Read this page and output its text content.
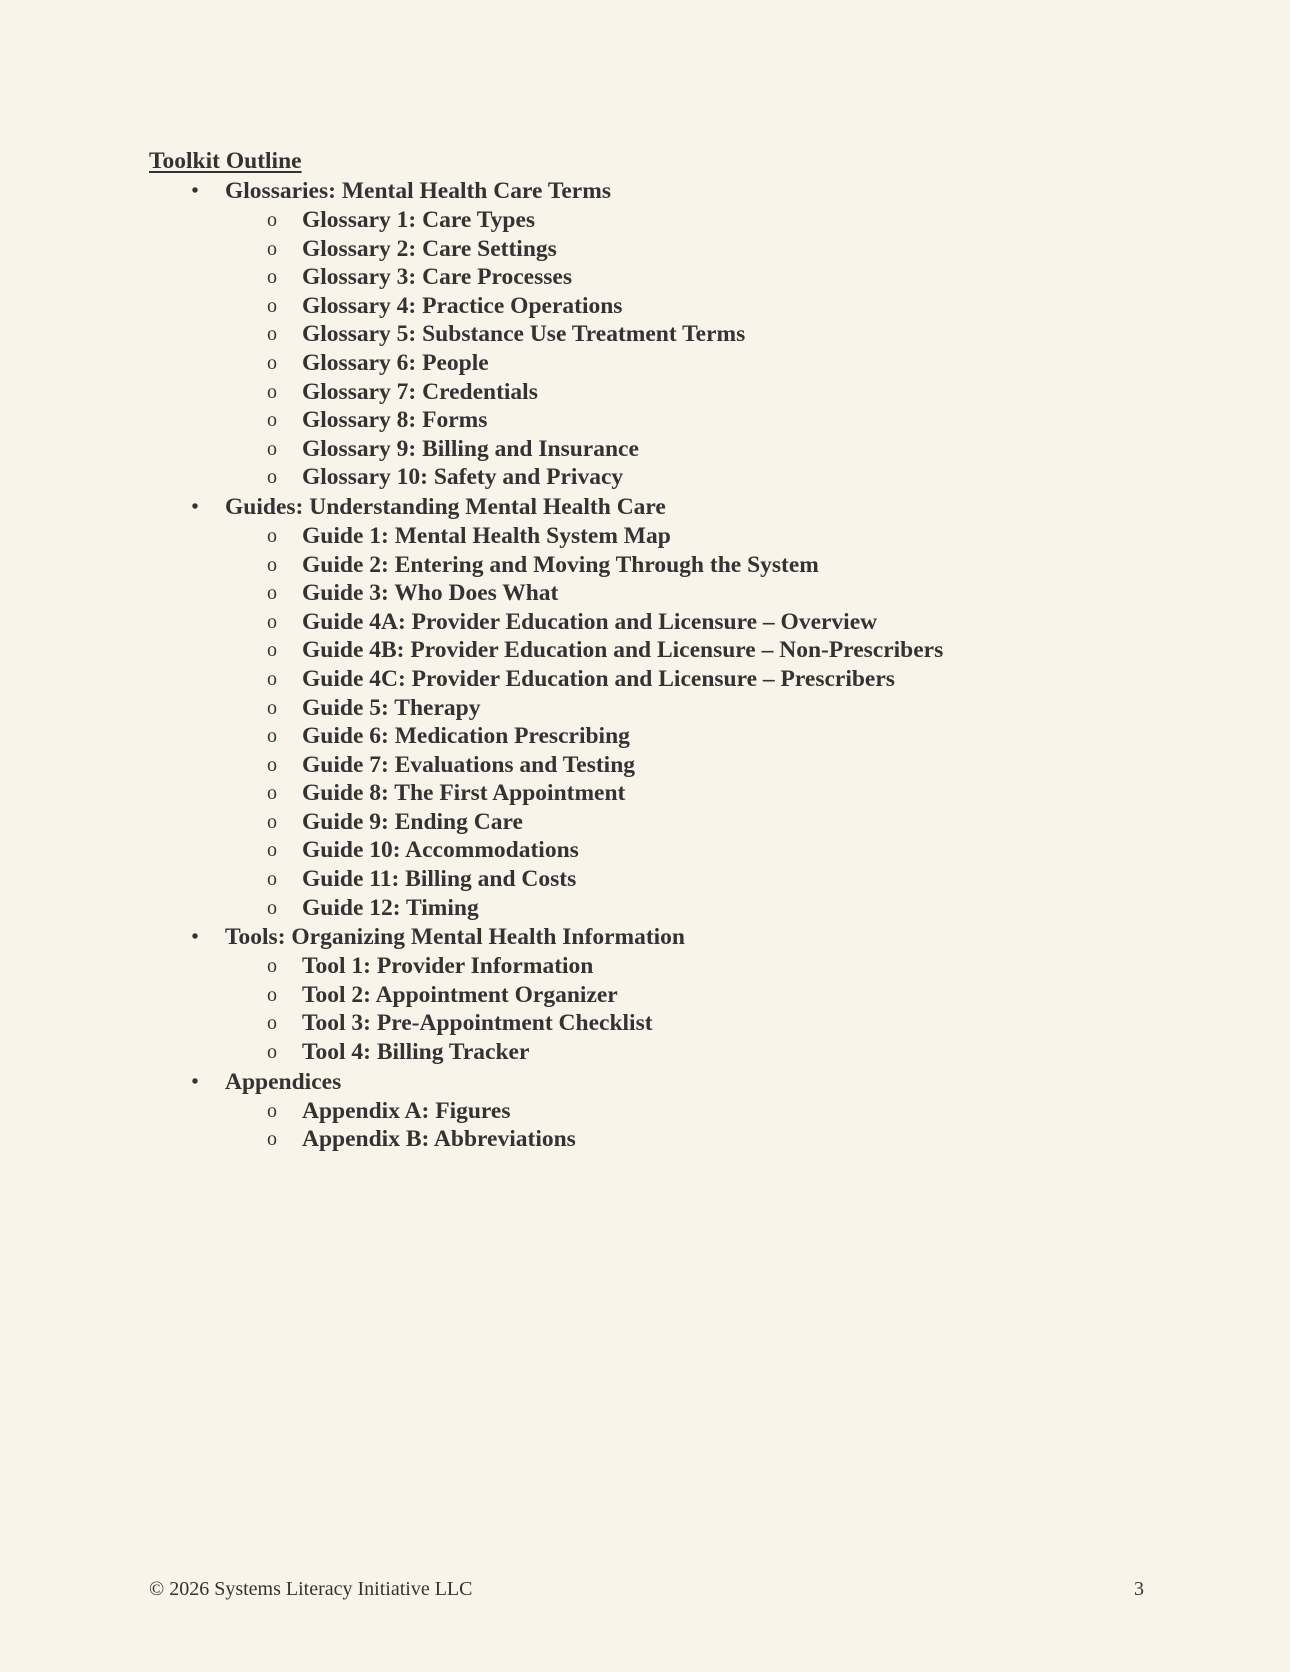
Toolkit Outline
• Glossaries: Mental Health Care Terms
o Glossary 1: Care Types
o Glossary 2: Care Settings
o Glossary 3: Care Processes
o Glossary 4: Practice Operations
o Glossary 5: Substance Use Treatment Terms
o Glossary 6: People
o Glossary 7: Credentials
o Glossary 8: Forms
o Glossary 9: Billing and Insurance
o Glossary 10: Safety and Privacy
• Guides: Understanding Mental Health Care
o Guide 1: Mental Health System Map
o Guide 2: Entering and Moving Through the System
o Guide 3: Who Does What
o Guide 4A: Provider Education and Licensure – Overview
o Guide 4B: Provider Education and Licensure – Non-Prescribers
o Guide 4C: Provider Education and Licensure – Prescribers
o Guide 5: Therapy
o Guide 6: Medication Prescribing
o Guide 7: Evaluations and Testing
o Guide 8: The First Appointment
o Guide 9: Ending Care
o Guide 10: Accommodations
o Guide 11: Billing and Costs
o Guide 12: Timing
• Tools: Organizing Mental Health Information
o Tool 1: Provider Information
o Tool 2: Appointment Organizer
o Tool 3: Pre-Appointment Checklist
o Tool 4: Billing Tracker
• Appendices
o Appendix A: Figures
o Appendix B: Abbreviations
© 2026 Systems Literacy Initiative LLC	3
